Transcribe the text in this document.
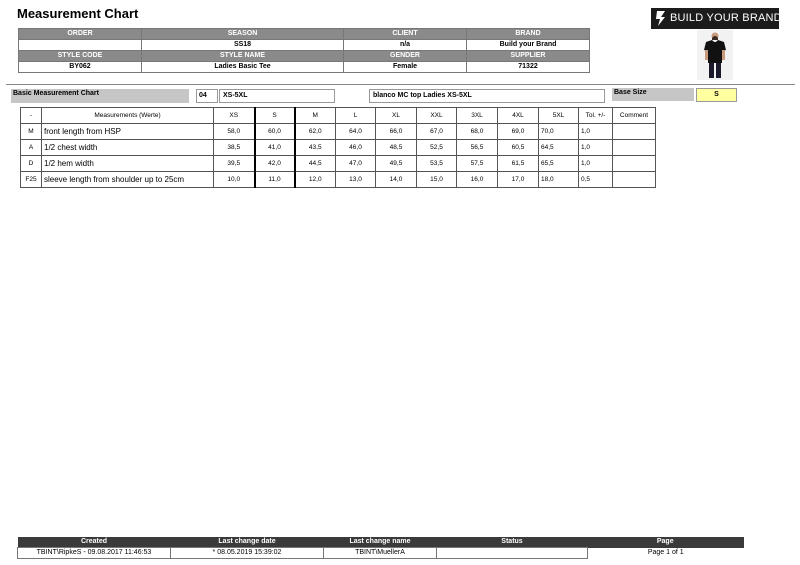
Measurement Chart
ORDER	SEASON	CLIENT	BRAND
	SS18	n/a	Build your Brand
STYLE CODE	STYLE NAME	GENDER	SUPPLIER
BY062	Ladies Basic Tee	Female	71322
BUILD YOUR BRAND
Basic Measurement Chart	04	XS-5XL	blanco MC top Ladies XS-5XL	Base Size	S
-	Measurements (Werte)	XS	S	M	L	XL	XXL	3XL	4XL	5XL	Tol. +/-	Comment
M	front length from HSP	58,0	60,0	62,0	64,0	66,0	67,0	68,0	69,0	70,0	1,0	
A	1/2 chest width	38,5	41,0	43,5	46,0	48,5	52,5	56,5	60,5	64,5	1,0	
D	1/2 hem width	39,5	42,0	44,5	47,0	49,5	53,5	57,5	61,5	65,5	1,0	
F25	sleeve length from shoulder up to 25cm	10,0	11,0	12,0	13,0	14,0	15,0	16,0	17,0	18,0	0,5	
Created	Last change date	Last change name	Status	Page
TBINT\RipkeS - 09.08.2017 11:46:53	* 08.05.2019 15:39:02	TBINT\MuellerA		Page 1 of 1
